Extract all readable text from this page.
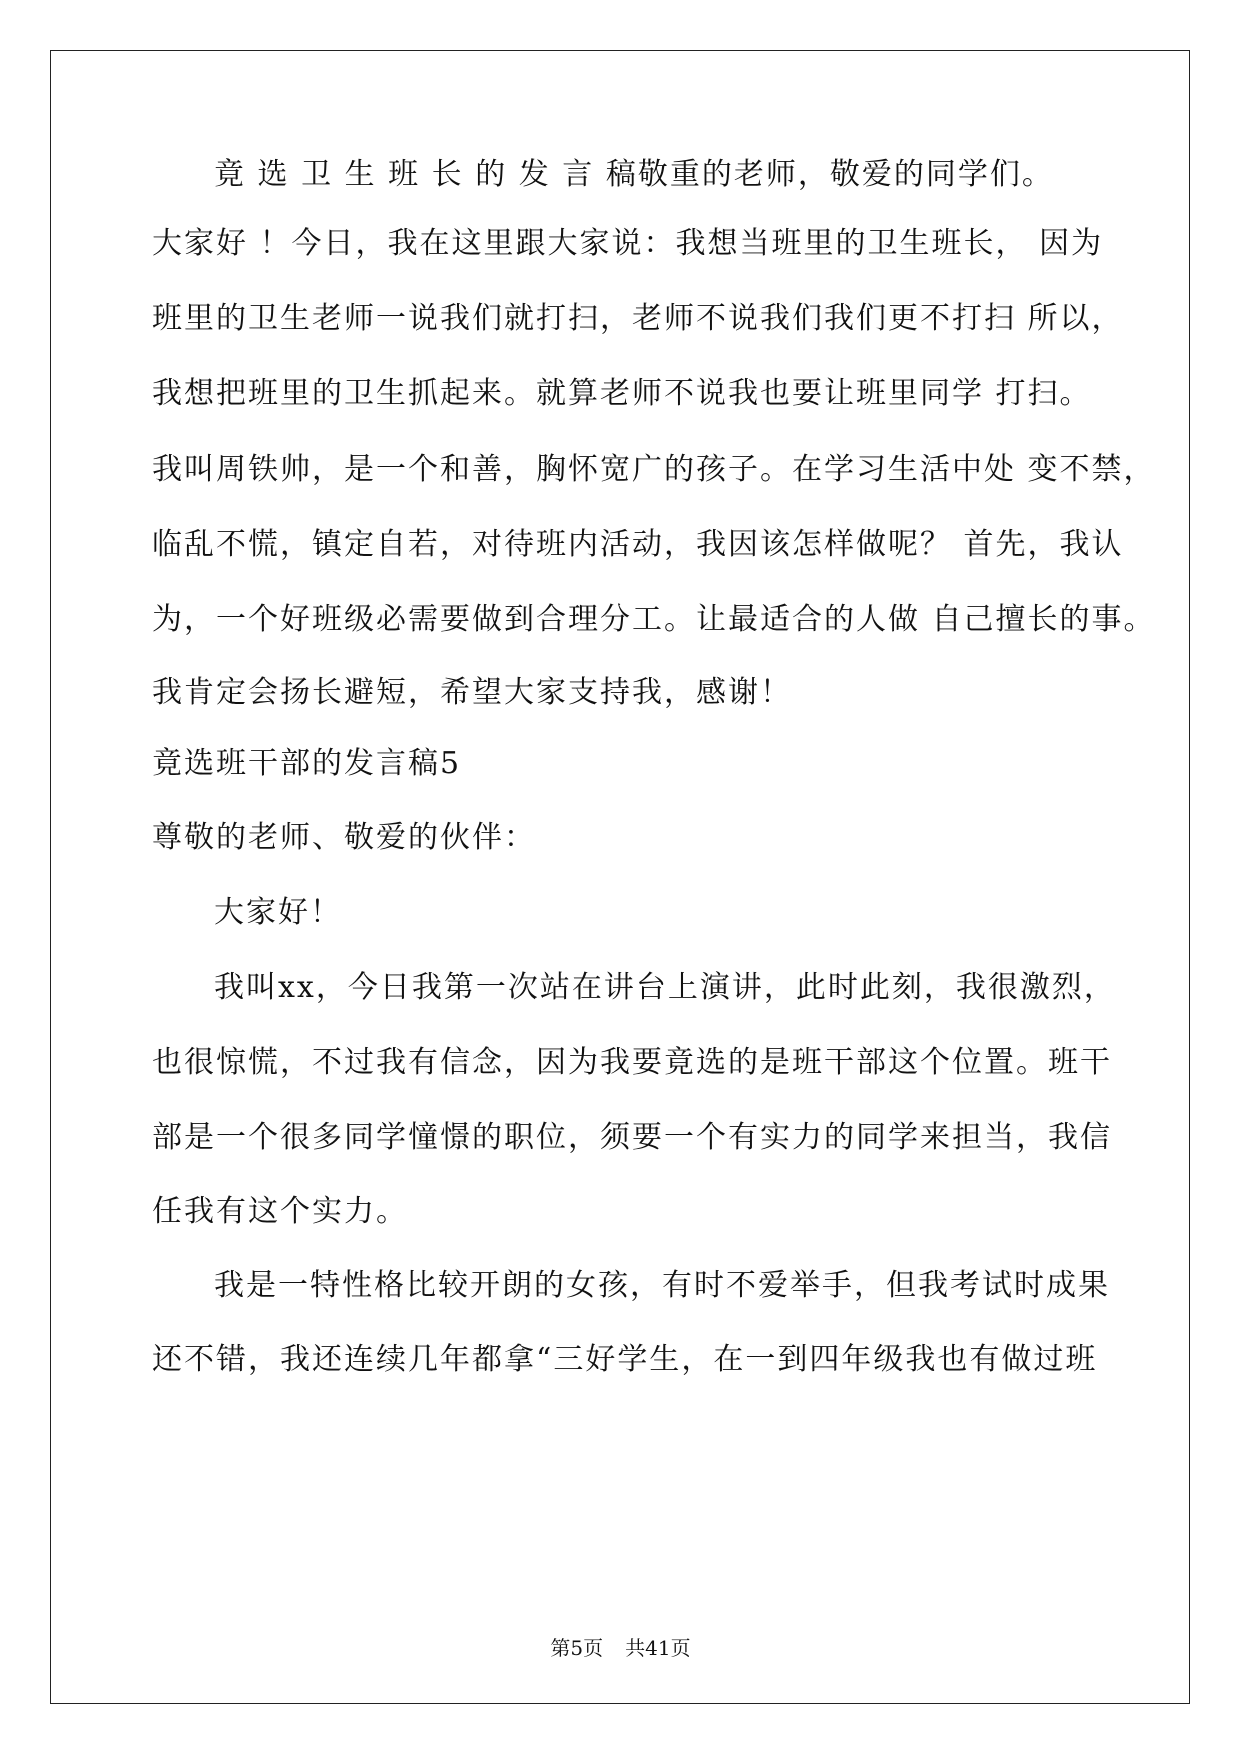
竟 选 卫 生 班 长 的 发 言 稿敬重的老师，敬爱的同学们。
大家好 ！今日，我在这里跟大家说：我想当班里的卫生班长， 因为
班里的卫生老师一说我们就打扫，老师不说我们我们更不打扫 所以，
我想把班里的卫生抓起来。就算老师不说我也要让班里同学 打扫。
我叫周铁帅，是一个和善，胸怀宽广的孩子。在学习生活中处 变不禁，
临乱不慌，镇定自若，对待班内活动，我因该怎样做呢？ 首先，我认
为，一个好班级必需要做到合理分工。让最适合的人做 自己擅长的事。
我肯定会扬长避短，希望大家支持我，感谢！
竟选班干部的发言稿5
尊敬的老师、敬爱的伙伴：
大家好！
我叫xx，今日我第一次站在讲台上演讲，此时此刻，我很激烈，
也很惊慌，不过我有信念，因为我要竟选的是班干部这个位置。班干
部是一个很多同学憧憬的职位，须要一个有实力的同学来担当，我信
任我有这个实力。
我是一特性格比较开朗的女孩，有时不爱举手，但我考试时成果
还不错，我还连续几年都拿“三好学生，在一到四年级我也有做过班
第5页 共41页
